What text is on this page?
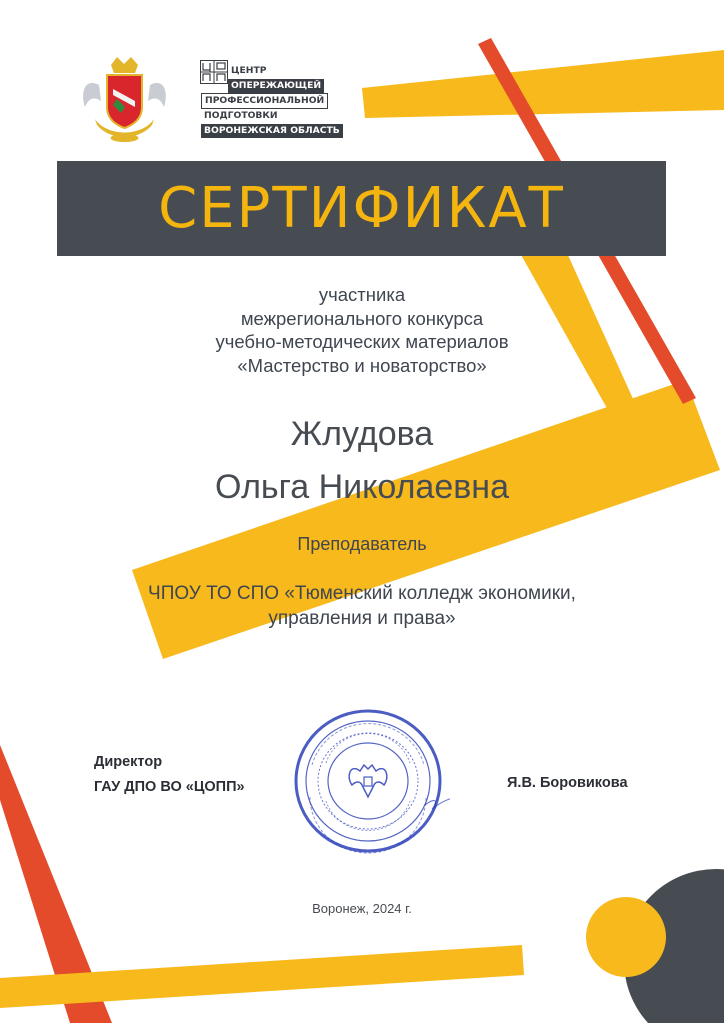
ЦЕНТР
ОПЕРЕЖАЮЩЕЙ
ПРОФЕССИОНАЛЬНОЙ
ПОДГОТОВКИ
ВОРОНЕЖСКАЯ ОБЛАСТЬ
СЕРТИФИКАТ
участника
межрегионального конкурса
учебно-методических материалов
«Мастерство и новаторство»
Жлудова
Ольга Николаевна
Преподаватель
ЧПОУ ТО СПО «Тюменский колледж экономики,
управления и права»
Директор
ГАУ ДПО ВО «ЦОПП»	Я.В. Боровикова
Воронеж, 2024 г.
